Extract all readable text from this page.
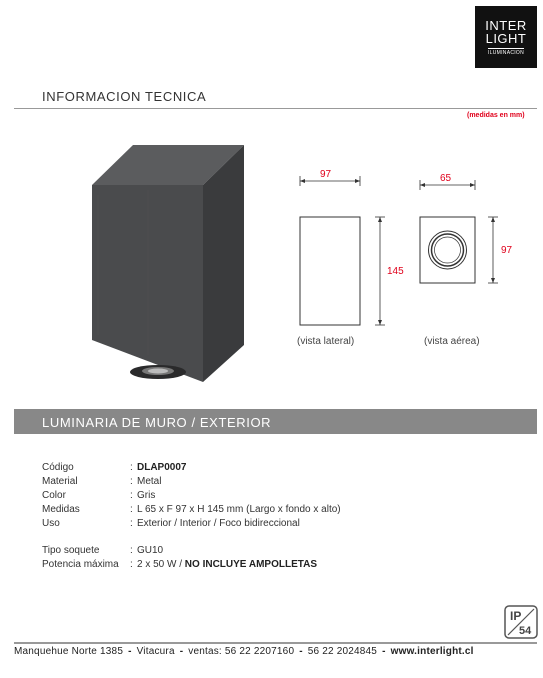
INTER
LIGHT
ILUMINACION
INFORMACION TECNICA
(medidas en mm)
97
145
(vista lateral)
65
97
(vista aérea)
LUMINARIA DE MURO / EXTERIOR
Código	: DLAP0007
Material	: Metal
Color	: Gris
Medidas	: L 65 x F 97 x H 145 mm (Largo x fondo x alto)
Uso	: Exterior / Interior / Foco bidireccional
Tipo soquete	: GU10
Potencia máxima	: 2 x 50 W / NO INCLUYE AMPOLLETAS
IP
54
Manquehue Norte 1385 - Vitacura - ventas: 56 22 2207160 - 56 22 2024845 - www.interlight.cl
